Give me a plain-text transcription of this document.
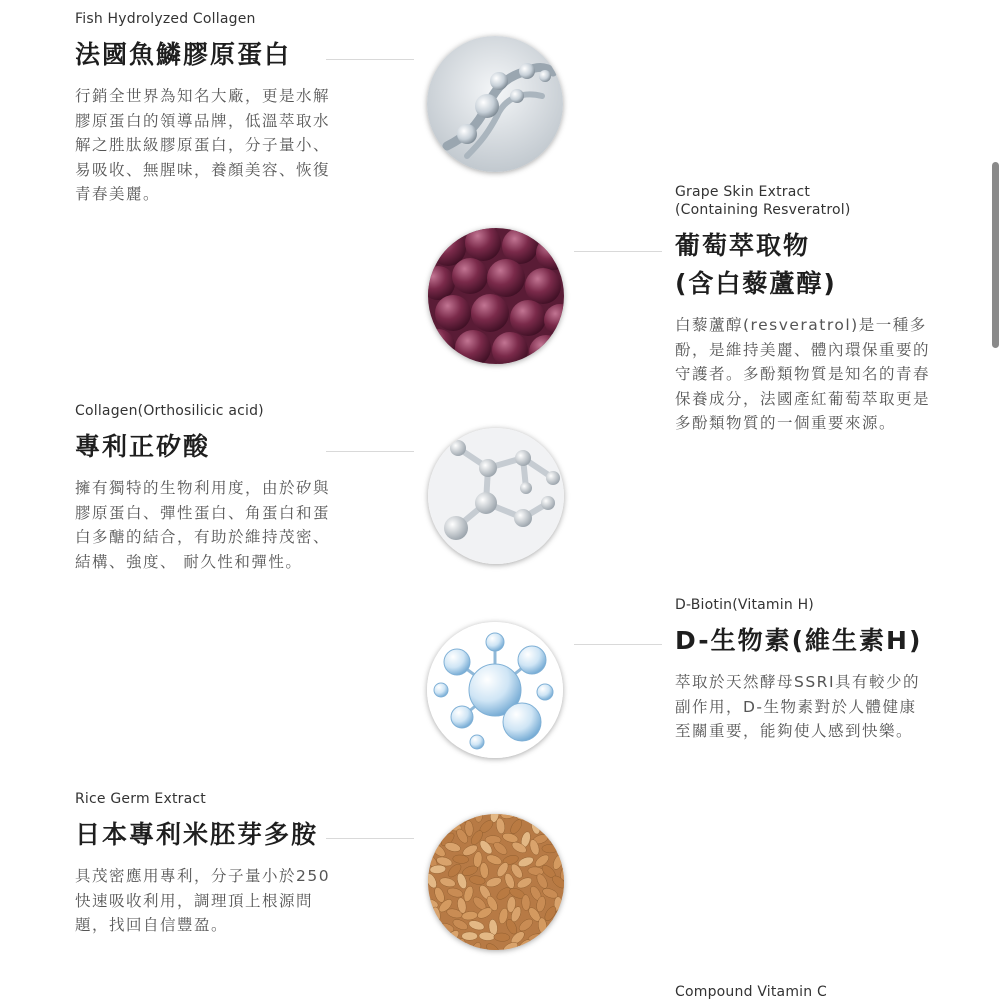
Fish Hydrolyzed Collagen
法國魚鱗膠原蛋白
行銷全世界為知名大廠，更是水解膠原蛋白的領導品牌，低溫萃取水解之胜肽級膠原蛋白，分子量小、易吸收、無腥味，養顏美容、恢復青春美麗。	Grape Skin Extract
(Containing Resveratrol)
葡萄萃取物
(含白藜蘆醇)
白藜蘆醇(resveratrol)是一種多酚，是維持美麗、體內環保重要的守護者。多酚類物質是知名的青春保養成分，法國產紅葡萄萃取更是多酚類物質的一個重要來源。
Collagen(Orthosilicic acid)
專利正矽酸
擁有獨特的生物利用度，由於矽與膠原蛋白、彈性蛋白、角蛋白和蛋白多醣的結合，有助於維持茂密、結構、強度、 耐久性和彈性。
D-Biotin(Vitamin H)
D-生物素(維生素H)
萃取於天然酵母SSRI具有較少的副作用，D-生物素對於人體健康至關重要，能夠使人感到快樂。
Rice Germ Extract
日本專利米胚芽多胺
具茂密應用專利，分子量小於250快速吸收利用，調理頂上根源問題，找回自信豐盈。
Compound Vitamin C
